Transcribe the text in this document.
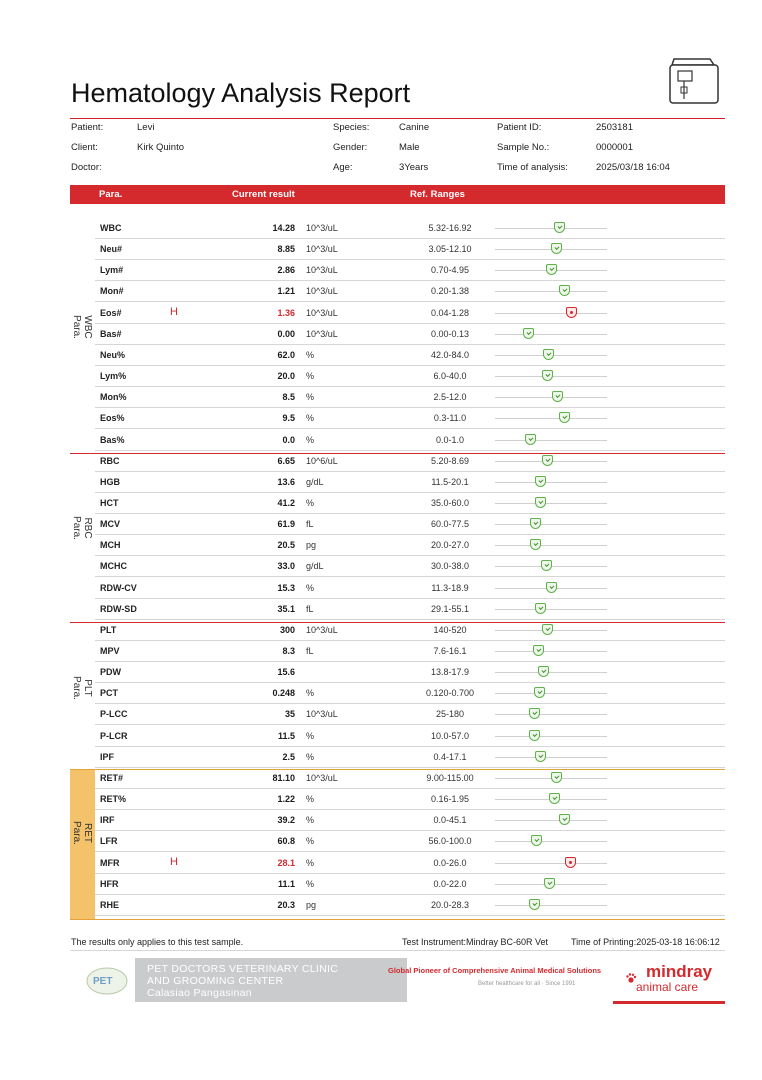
Hematology Analysis Report
Patient:	Levi
Client:	Kirk Quinto
Doctor:
Species:	Canine
Gender:	Male
Age:	3Years
Patient ID:	2503181
Sample No.:	0000001
Time of analysis:	2025/03/18 16:04
Para.	Current result	Ref. Ranges
WBC	14.28 10^3/uL	5.32-16.92
Neu#	8.85 10^3/uL	3.05-12.10
Lym#	2.86 10^3/uL	0.70-4.95
Mon#	1.21 10^3/uL	0.20-1.38
Eos#	H	1.36 10^3/uL	0.04-1.28
Bas#	0.00 10^3/uL	0.00-0.13
Neu%	62.0 %	42.0-84.0
Lym%	20.0 %	6.0-40.0
Mon%	8.5 %	2.5-12.0
Eos%	9.5 %	0.3-11.0
Bas%	0.0 %	0.0-1.0
RBC	6.65 10^6/uL	5.20-8.69
HGB	13.6 g/dL	11.5-20.1
HCT	41.2 %	35.0-60.0
MCV	61.9 fL	60.0-77.5
MCH	20.5 pg	20.0-27.0
MCHC	33.0 g/dL	30.0-38.0
RDW-CV	15.3 %	11.3-18.9
RDW-SD	35.1 fL	29.1-55.1
PLT	300 10^3/uL	140-520
MPV	8.3 fL	7.6-16.1
PDW	15.6	13.8-17.9
PCT	0.248 %	0.120-0.700
P-LCC	35 10^3/uL	25-180
P-LCR	11.5 %	10.0-57.0
IPF	2.5 %	0.4-17.1
RET#	81.10 10^3/uL	9.00-115.00
RET%	1.22 %	0.16-1.95
IRF	39.2 %	0.0-45.1
LFR	60.8 %	56.0-100.0
MFR	H	28.1 %	0.0-26.0
HFR	11.1 %	0.0-22.0
RHE	20.3 pg	20.0-28.3
WBC
Para.
RBC
Para.
PLT
Para.
RET
Para.
The results only applies to this test sample.	Test Instrument:Mindray BC-60R Vet	Time of Printing:2025-03-18 16:06:12
PET
PET DOCTORS VETERINARY CLINIC
AND GROOMING CENTER
Calasiao Pangasinan
Global Pioneer of Comprehensive Animal Medical Solutions
Better healthcare for all · Since 1991
mindray
animal care
